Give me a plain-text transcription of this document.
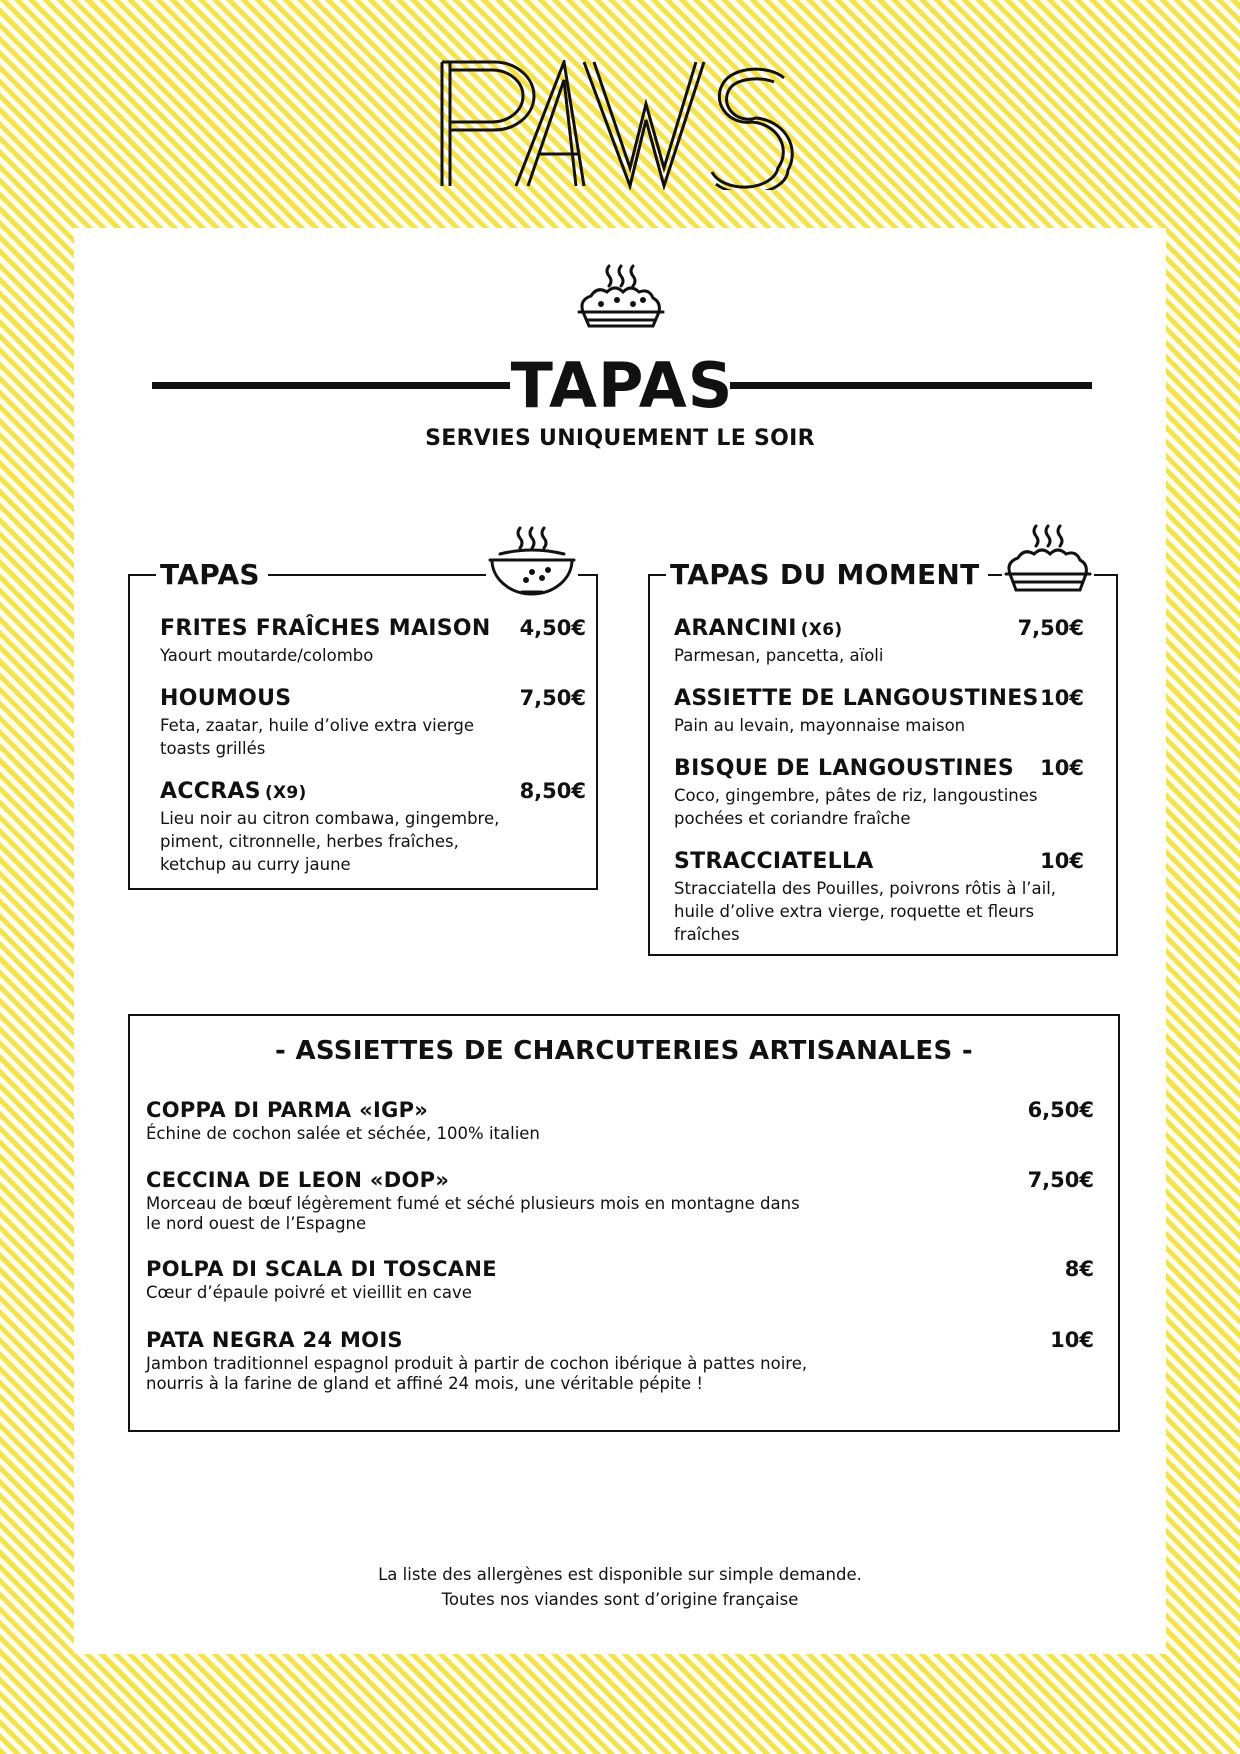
TAPAS
SERVIES UNIQUEMENT LE SOIR
TAPAS
FRITES FRAÎCHES MAISON 4,50€
Yaourt moutarde/colombo
HOUMOUS	7,50€
Feta, zaatar, huile d’olive extra vierge
toasts grillés
ACCRAS (X9)	8,50€
Lieu noir au citron combawa, gingembre,
piment, citronnelle, herbes fraîches,
ketchup au curry jaune
TAPAS DU MOMENT
ARANCINI (X6)	7,50€
Parmesan, pancetta, aïoli
ASSIETTE DE LANGOUSTINES 10€
Pain au levain, mayonnaise maison
BISQUE DE LANGOUSTINES 10€
Coco, gingembre, pâtes de riz, langoustines
pochées et coriandre fraîche
STRACCIATELLA	10€
Stracciatella des Pouilles, poivrons rôtis à l’ail,
huile d’olive extra vierge, roquette et fleurs
fraîches
- ASSIETTES DE CHARCUTERIES ARTISANALES -
COPPA DI PARMA «IGP»	6,50€
Échine de cochon salée et séchée, 100% italien
CECCINA DE LEON «DOP»	7,50€
Morceau de bœuf légèrement fumé et séché plusieurs mois en montagne dans
le nord ouest de l’Espagne
POLPA DI SCALA DI TOSCANE	8€
Cœur d’épaule poivré et vieillit en cave
PATA NEGRA 24 MOIS	10€
Jambon traditionnel espagnol produit à partir de cochon ibérique à pattes noire,
nourris à la farine de gland et affiné 24 mois, une véritable pépite !
La liste des allergènes est disponible sur simple demande.
Toutes nos viandes sont d’origine française
